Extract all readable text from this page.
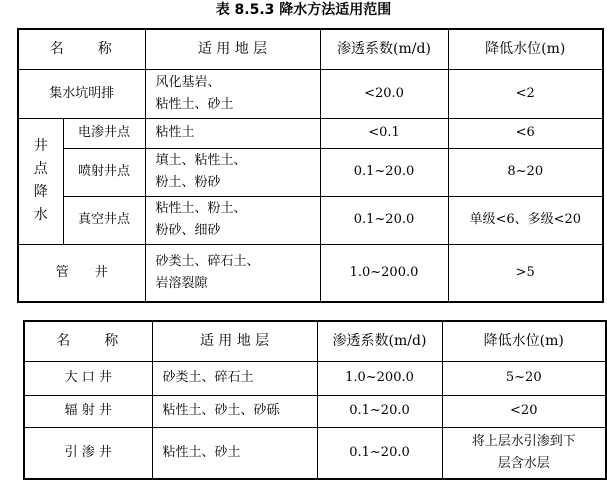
表 8.5.3 降水方法适用范围
名　　称		适 用 地 层	渗透系数(m/d)	降低水位(m)
集水坑明排		风化基岩、
粘性土、砂土	<20.0	<2

井
点
降
水	电渗井点	粘性土	<0.1	<6
	喷射井点	填土、粘性土、
粉土、粉砂	0.1~20.0	8~20
	真空井点	粘性土、粉土、
粉砂、细砂	0.1~20.0	单级<6、多级<20
管　　井		砂类土、碎石土、
岩溶裂隙	1.0~200.0	>5
名　　称	适 用 地 层	渗透系数(m/d)	降低水位(m)
大 口 井	砂类土、碎石土	1.0~200.0	5~20
辐 射 井	粘性土、砂土、砂砾	0.1~20.0	<20
引 渗 井	粘性土、砂土	0.1~20.0	将上层水引渗到下
层含水层
